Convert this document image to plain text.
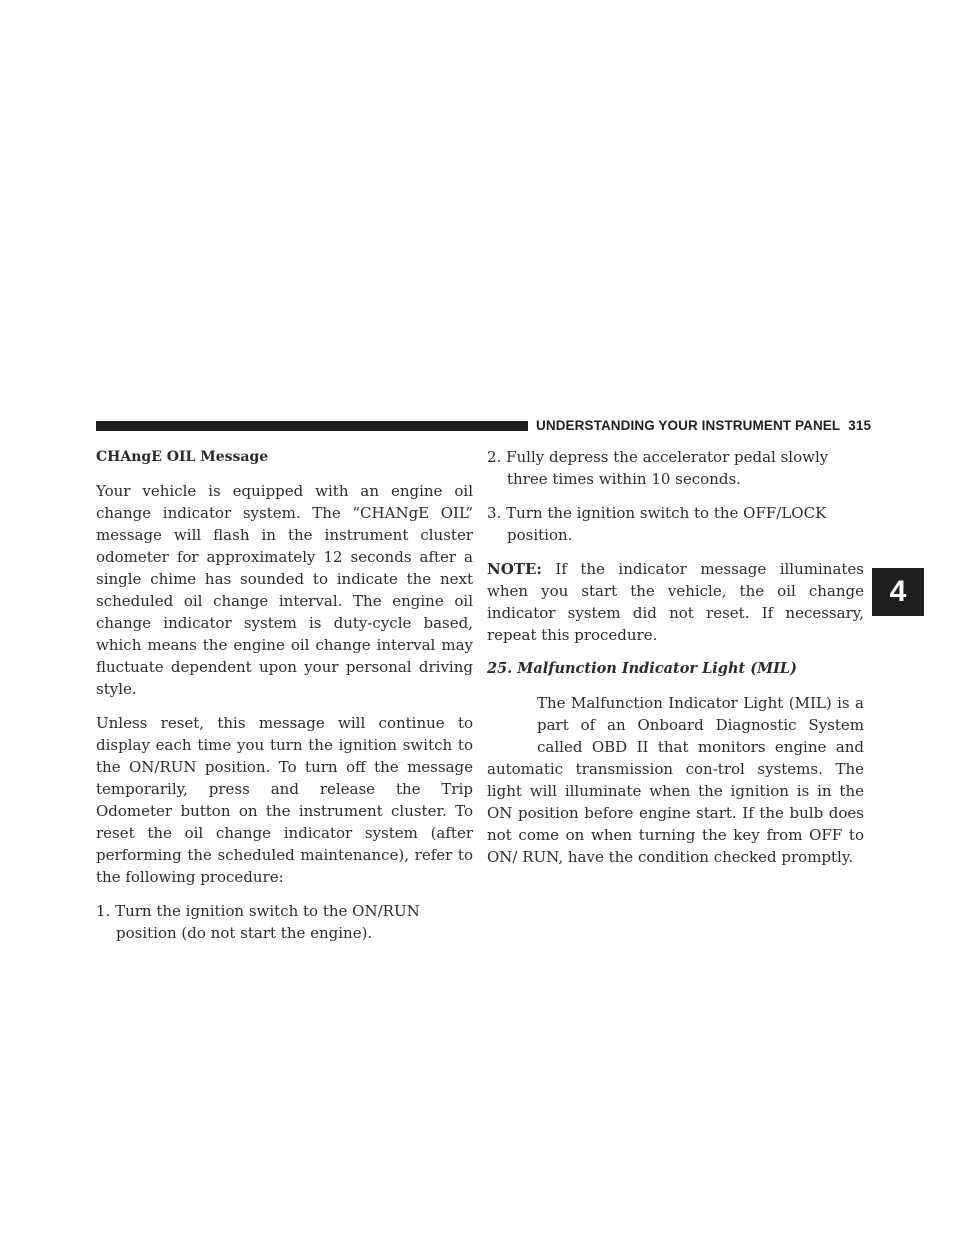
UNDERSTANDING YOUR INSTRUMENT PANEL 315
4
CHAngE OIL Message

Your vehicle is equipped with an engine oil change indicator system. The “CHANgE OIL” message will flash in the instrument cluster odometer for approximately 12 seconds after a single chime has sounded to indicate the next scheduled oil change interval. The engine oil change indicator system is duty-cycle based, which means the engine oil change interval may fluctuate dependent upon your personal driving style.

Unless reset, this message will continue to display each time you turn the ignition switch to the ON/RUN position. To turn off the message temporarily, press and release the Trip Odometer button on the instrument cluster. To reset the oil change indicator system (after performing the scheduled maintenance), refer to the following procedure:

1. Turn the ignition switch to the ON/RUN position (do not start the engine).
2. Fully depress the accelerator pedal slowly three times within 10 seconds.
3. Turn the ignition switch to the OFF/LOCK position.

NOTE: If the indicator message illuminates when you start the vehicle, the oil change indicator system did not reset. If necessary, repeat this procedure.

25. Malfunction Indicator Light (MIL)
The Malfunction Indicator Light (MIL) is a part of an Onboard Diagnostic System called OBD II that monitors engine and automatic transmission con-trol systems. The light will illuminate when the ignition is in the ON position before engine start. If the bulb does not come on when turning the key from OFF to ON/ RUN, have the condition checked promptly.
